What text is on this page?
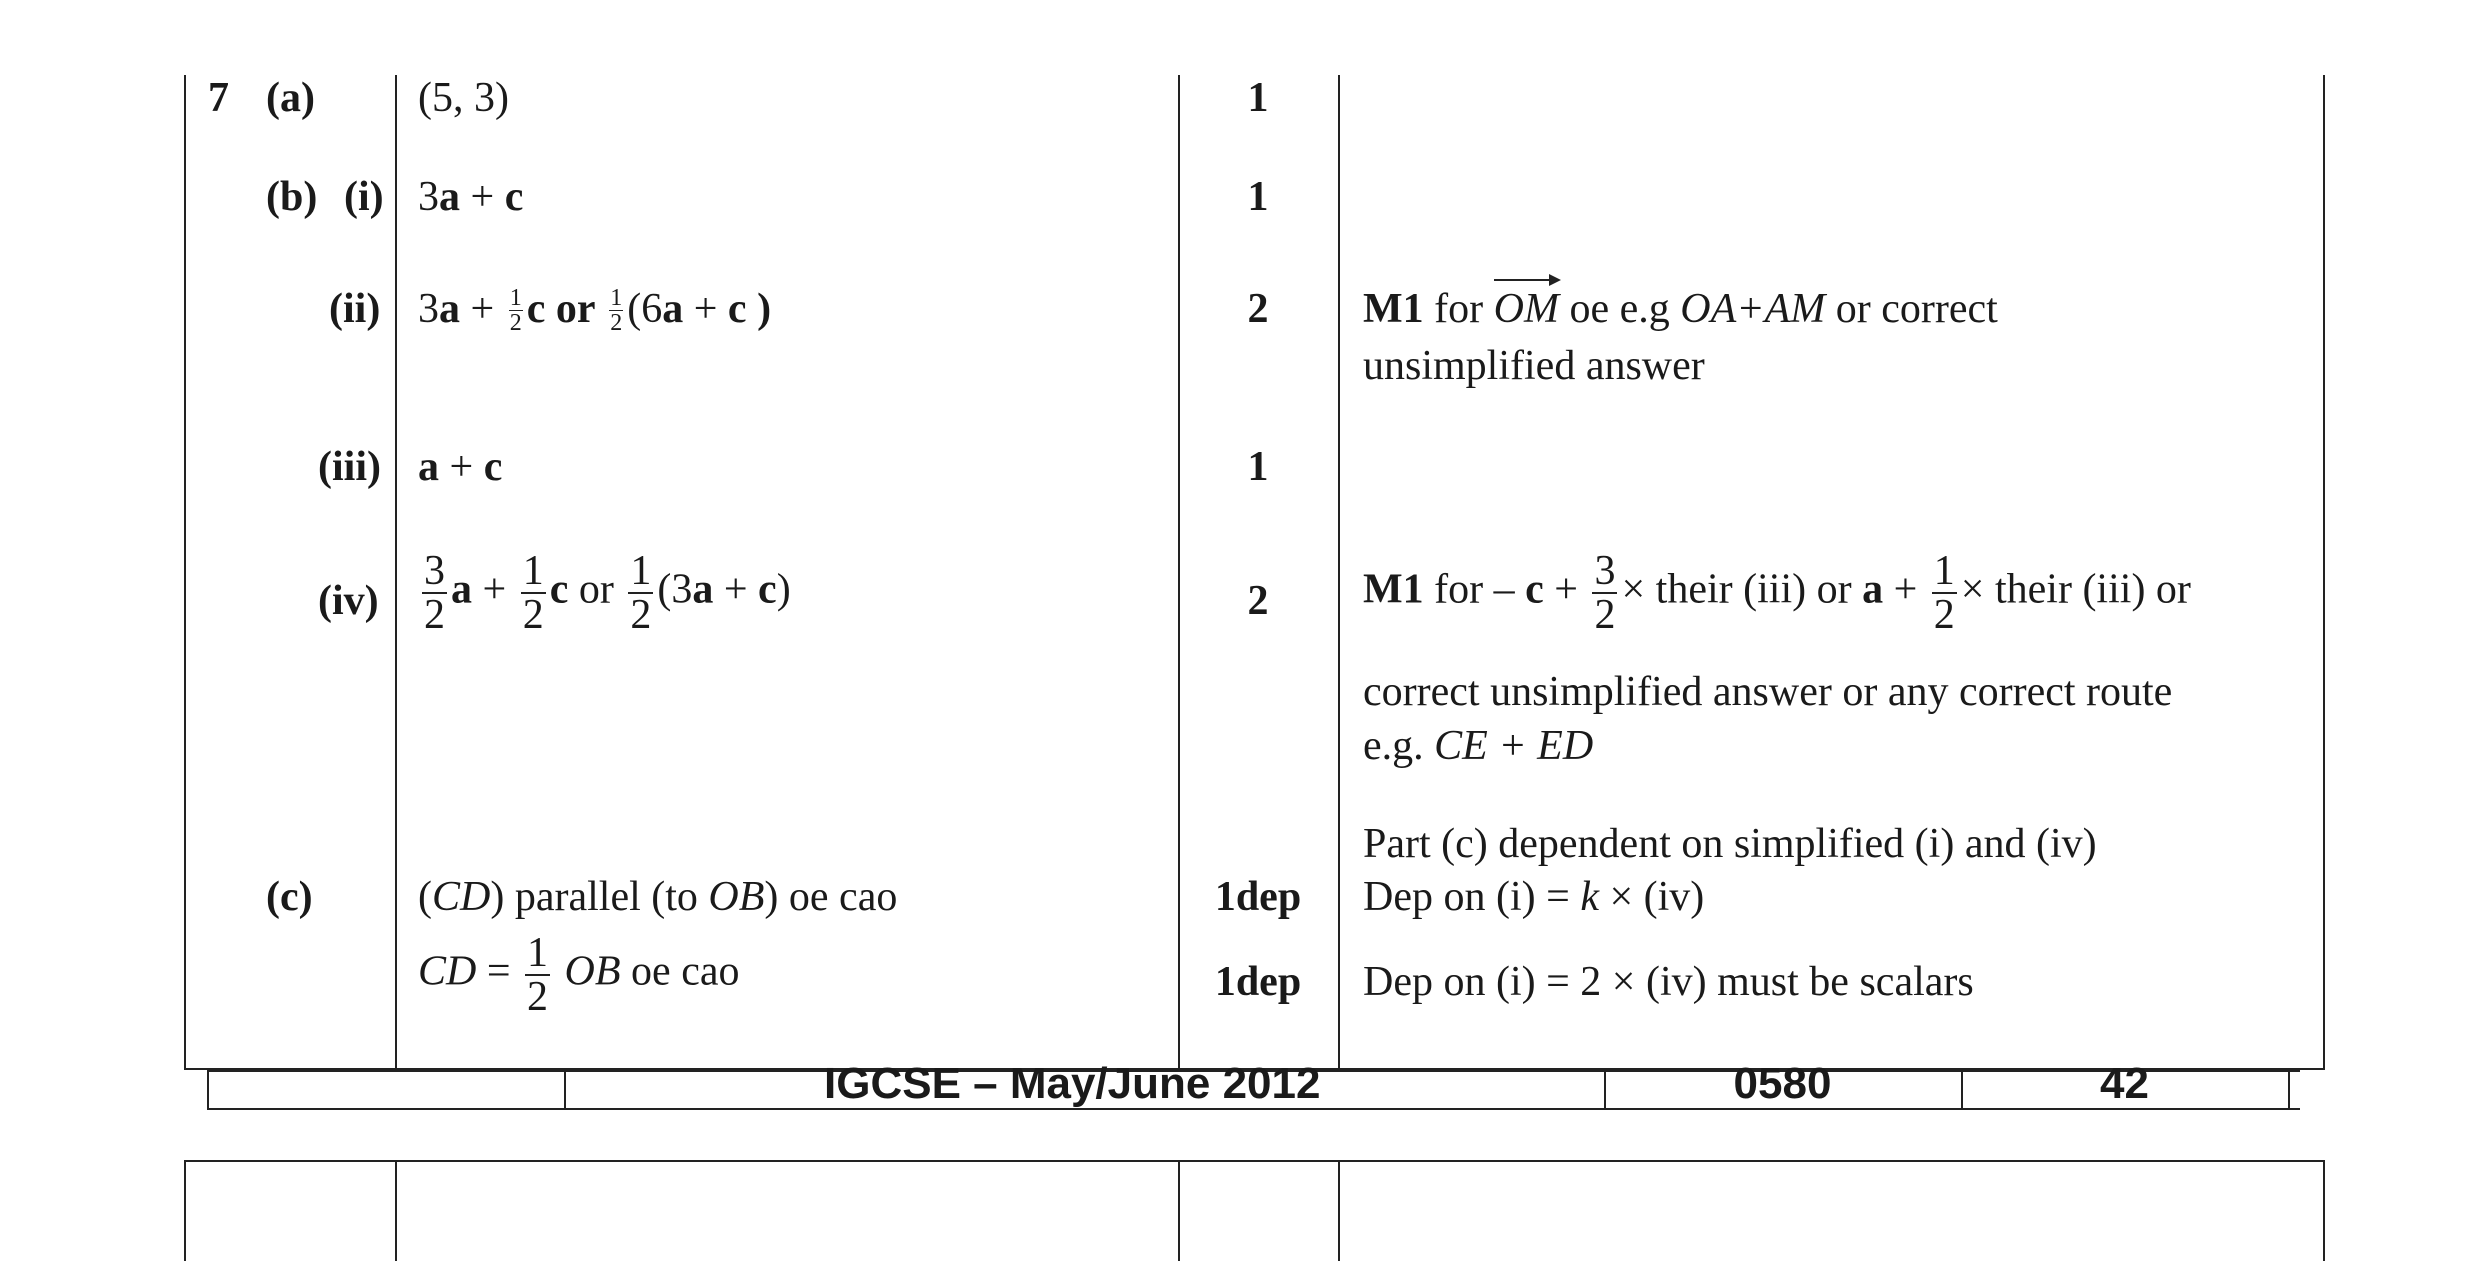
7 (a) (5, 3)	1
(b) (i) 3a + c	1
(ii) $3a + \frac{1}{2}$ c or $\frac{1}{2} (6a + c$ )	2	M1 for OM oe e.g OA+AM or correct
unsimplified answer
(iii) a + c	1
$(iv) \frac{3}{2}$ $a + \frac{1}{2}$ c or $\frac{1}{2} (3a + c)$	2	M1 for – $c + \frac{3}{2}$ × their (iii) or $a + \frac{1}{2}$ × their (iii) or
correct unsimplified answer or any correct route
e.g. CE + ED
Part (c) dependent on simplified (i) and (iv)
(c)	(CD) parallel (to OB) oe cao	1dep	Dep on (i) = k × (iv)
CD = $\frac{1}{2}$ OB oe cao	1dep	Dep on (i) = 2 × (iv) must be scalars
IGCSE – May/June 2012	0580	42
